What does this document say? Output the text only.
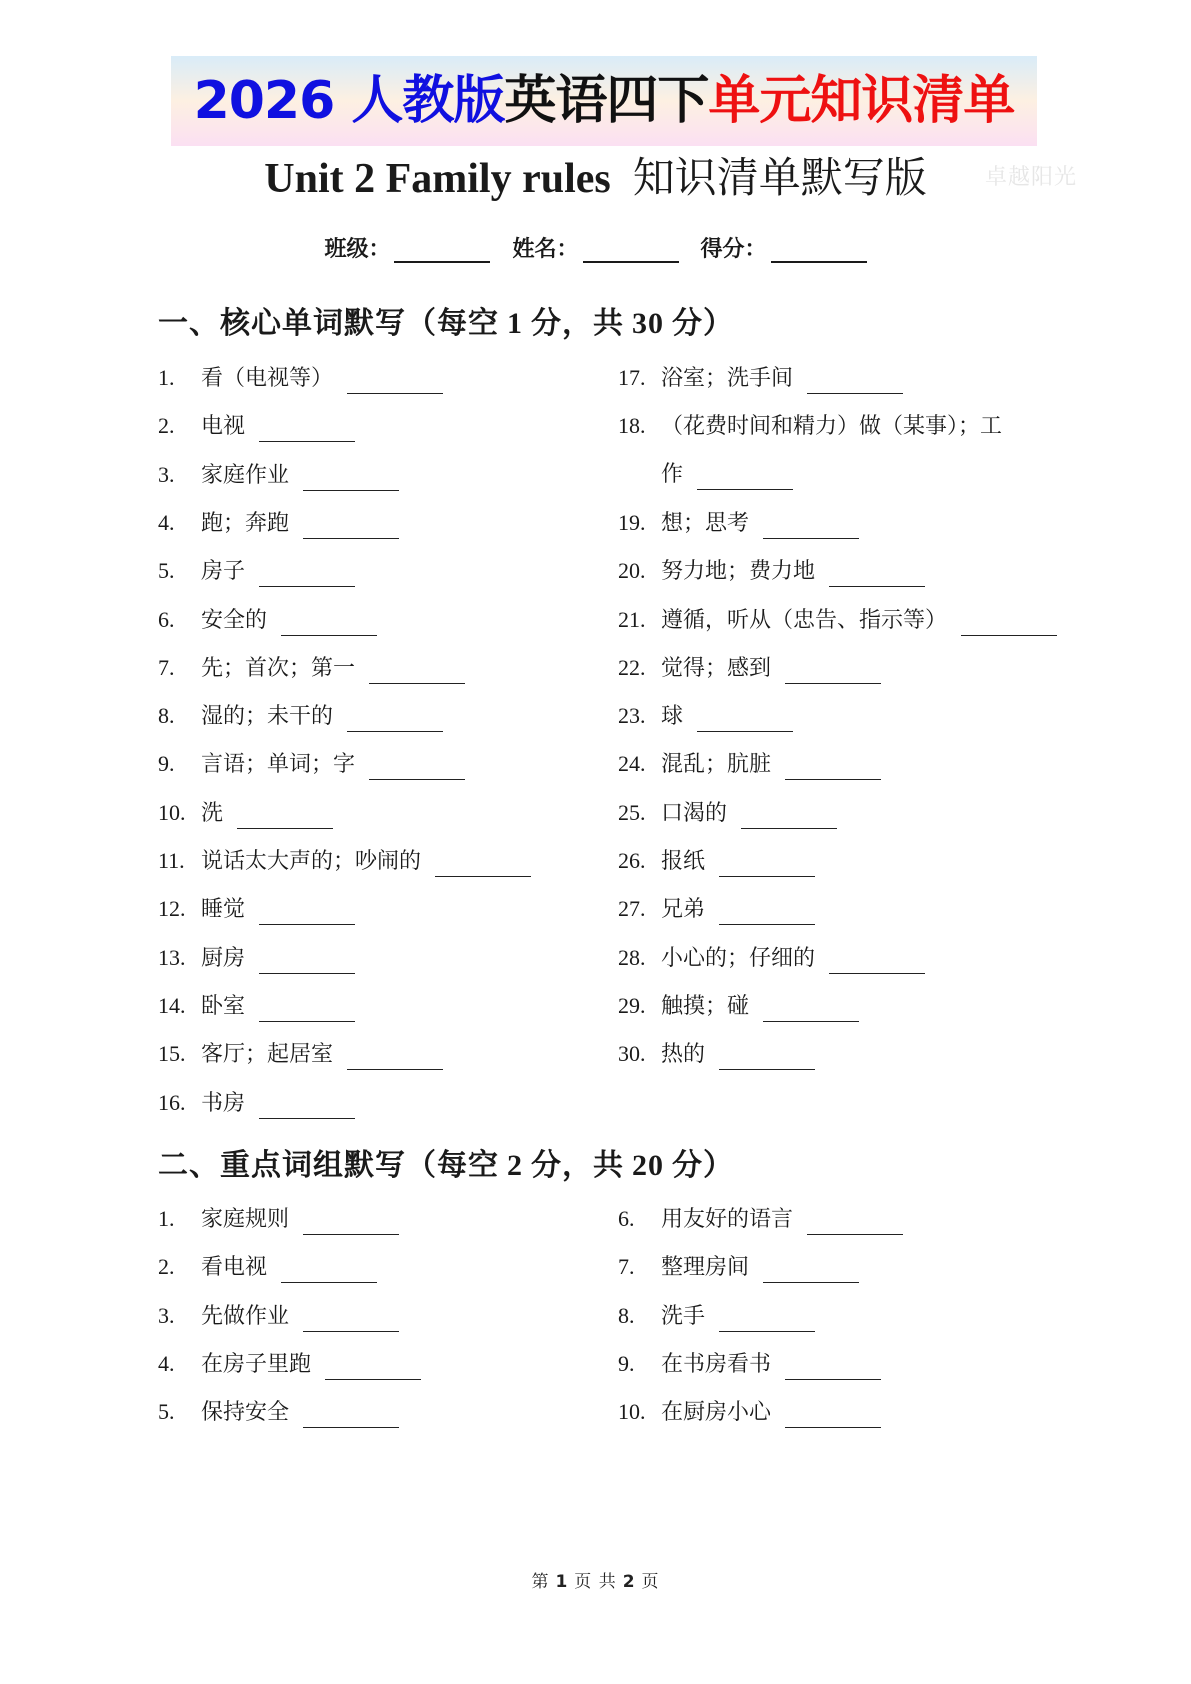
2026 人教版英语四下单元知识清单
Unit 2 Family rules 知识清单默写版	卓越阳光
班级：	姓名：	得分：
一、核心单词默写（每空 1 分，共 30 分）
1. 看（电视等）
2. 电视
3. 家庭作业
4. 跑；奔跑
5. 房子
6. 安全的
7. 先；首次；第一
8. 湿的；未干的
9. 言语；单词；字
10. 洗
11. 说话太大声的；吵闹的
12. 睡觉
13. 厨房
14. 卧室
15. 客厅；起居室
16. 书房
17. 浴室；洗手间
18. （花费时间和精力）做（某事）；工
作
19. 想；思考
20. 努力地；费力地
21. 遵循，听从（忠告、指示等）
22. 觉得；感到
23. 球
24. 混乱；肮脏
25. 口渴的
26. 报纸
27. 兄弟
28. 小心的；仔细的
29. 触摸；碰
30. 热的
二、重点词组默写（每空 2 分，共 20 分）
1. 家庭规则
2. 看电视
3. 先做作业
4. 在房子里跑
5. 保持安全
6. 用友好的语言
7. 整理房间
8. 洗手
9. 在书房看书
10. 在厨房小心
第 1 页 共 2 页
